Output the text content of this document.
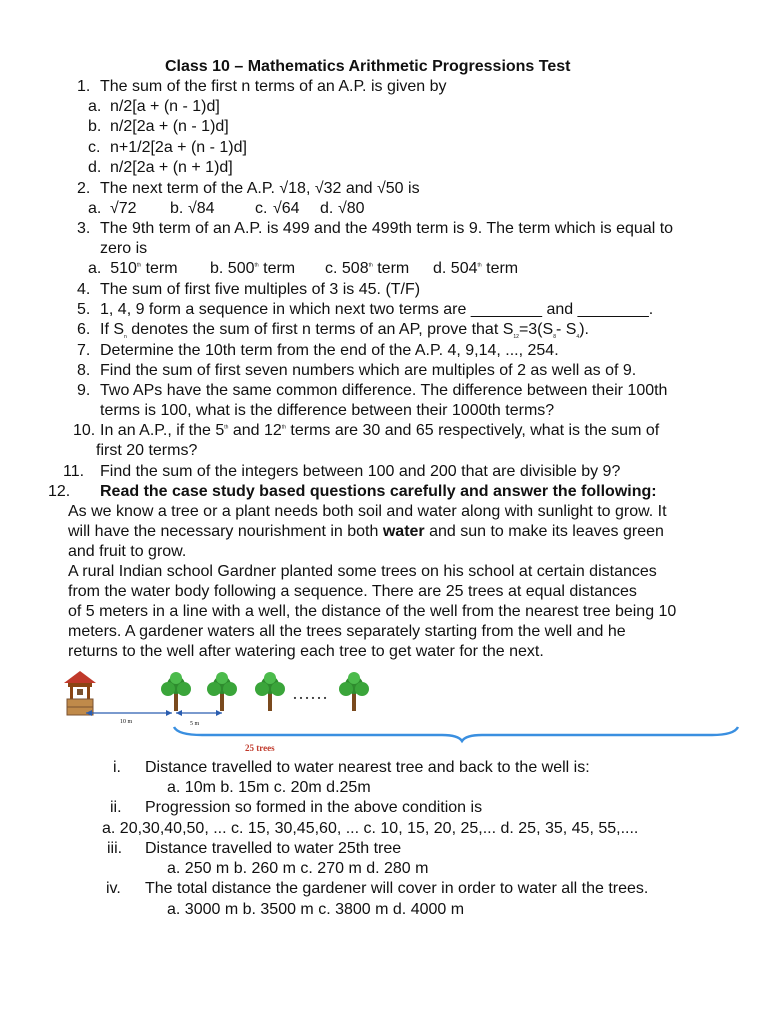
Class 10 – Mathematics Arithmetic Progressions Test
1. The sum of the first n terms of an A.P. is given by
a. n/2[a + (n - 1)d]
b. n/2[2a + (n - 1)d]
c. n+1/2[2a + (n - 1)d]
d. n/2[2a + (n + 1)d]
2. The next term of the A.P. √18, √32 and √50 is
a. √72 b. √84	c. √64 d. √80
3. The 9th term of an A.P. is 499 and the 499th term is 9. The term which is equal to
zero is
a. 510th term b. 500th term c. 508th term d. 504th term
4. The sum of first five multiples of 3 is 45. (T/F)
5. 1, 4, 9 form a sequence in which next two terms are ________ and ________.
6. If $S_n$ denotes the sum of first n terms of an AP, prove that $S_{12}=3(S_8-$ $S_4$).
7. Determine the 10th term from the end of the A.P. 4, 9,14, ..., 254.
8. Find the sum of first seven numbers which are multiples of 2 as well as of 9.
9. Two APs have the same common difference. The difference between their 100th
terms is 100, what is the difference between their 1000th terms?
10. In an A.P., if the 5th and 12th terms are 30 and 65 respectively, what is the sum of
first 20 terms?
11. Find the sum of the integers between 100 and 200 that are divisible by 9?
12. Read the case study based questions carefully and answer the following:
As we know a tree or a plant needs both soil and water along with sunlight to grow. It
will have the necessary nourishment in both water and sun to make its leaves green
and fruit to grow.
A rural Indian school Gardner planted some trees on his school at certain distances
from the water body following a sequence. There are 25 trees at equal distances
of 5 meters in a line with a well, the distance of the well from the nearest tree being 10
meters. A gardener waters all the trees separately starting from the well and he
returns to the well after watering each tree to get water for the next.
……
10 m	5 m
25 trees
i. Distance travelled to water nearest tree and back to the well is:
a. 10m b. 15m c. 20m d.25m
ii. Progression so formed in the above condition is
a. 20,30,40,50, ... c. 15, 30,45,60, ... c. 10, 15, 20, 25,... d. 25, 35, 45, 55,....
iii. Distance travelled to water 25th tree
a. 250 m b. 260 m c. 270 m d. 280 m
iv. The total distance the gardener will cover in order to water all the trees.
a. 3000 m b. 3500 m c. 3800 m d. 4000 m
